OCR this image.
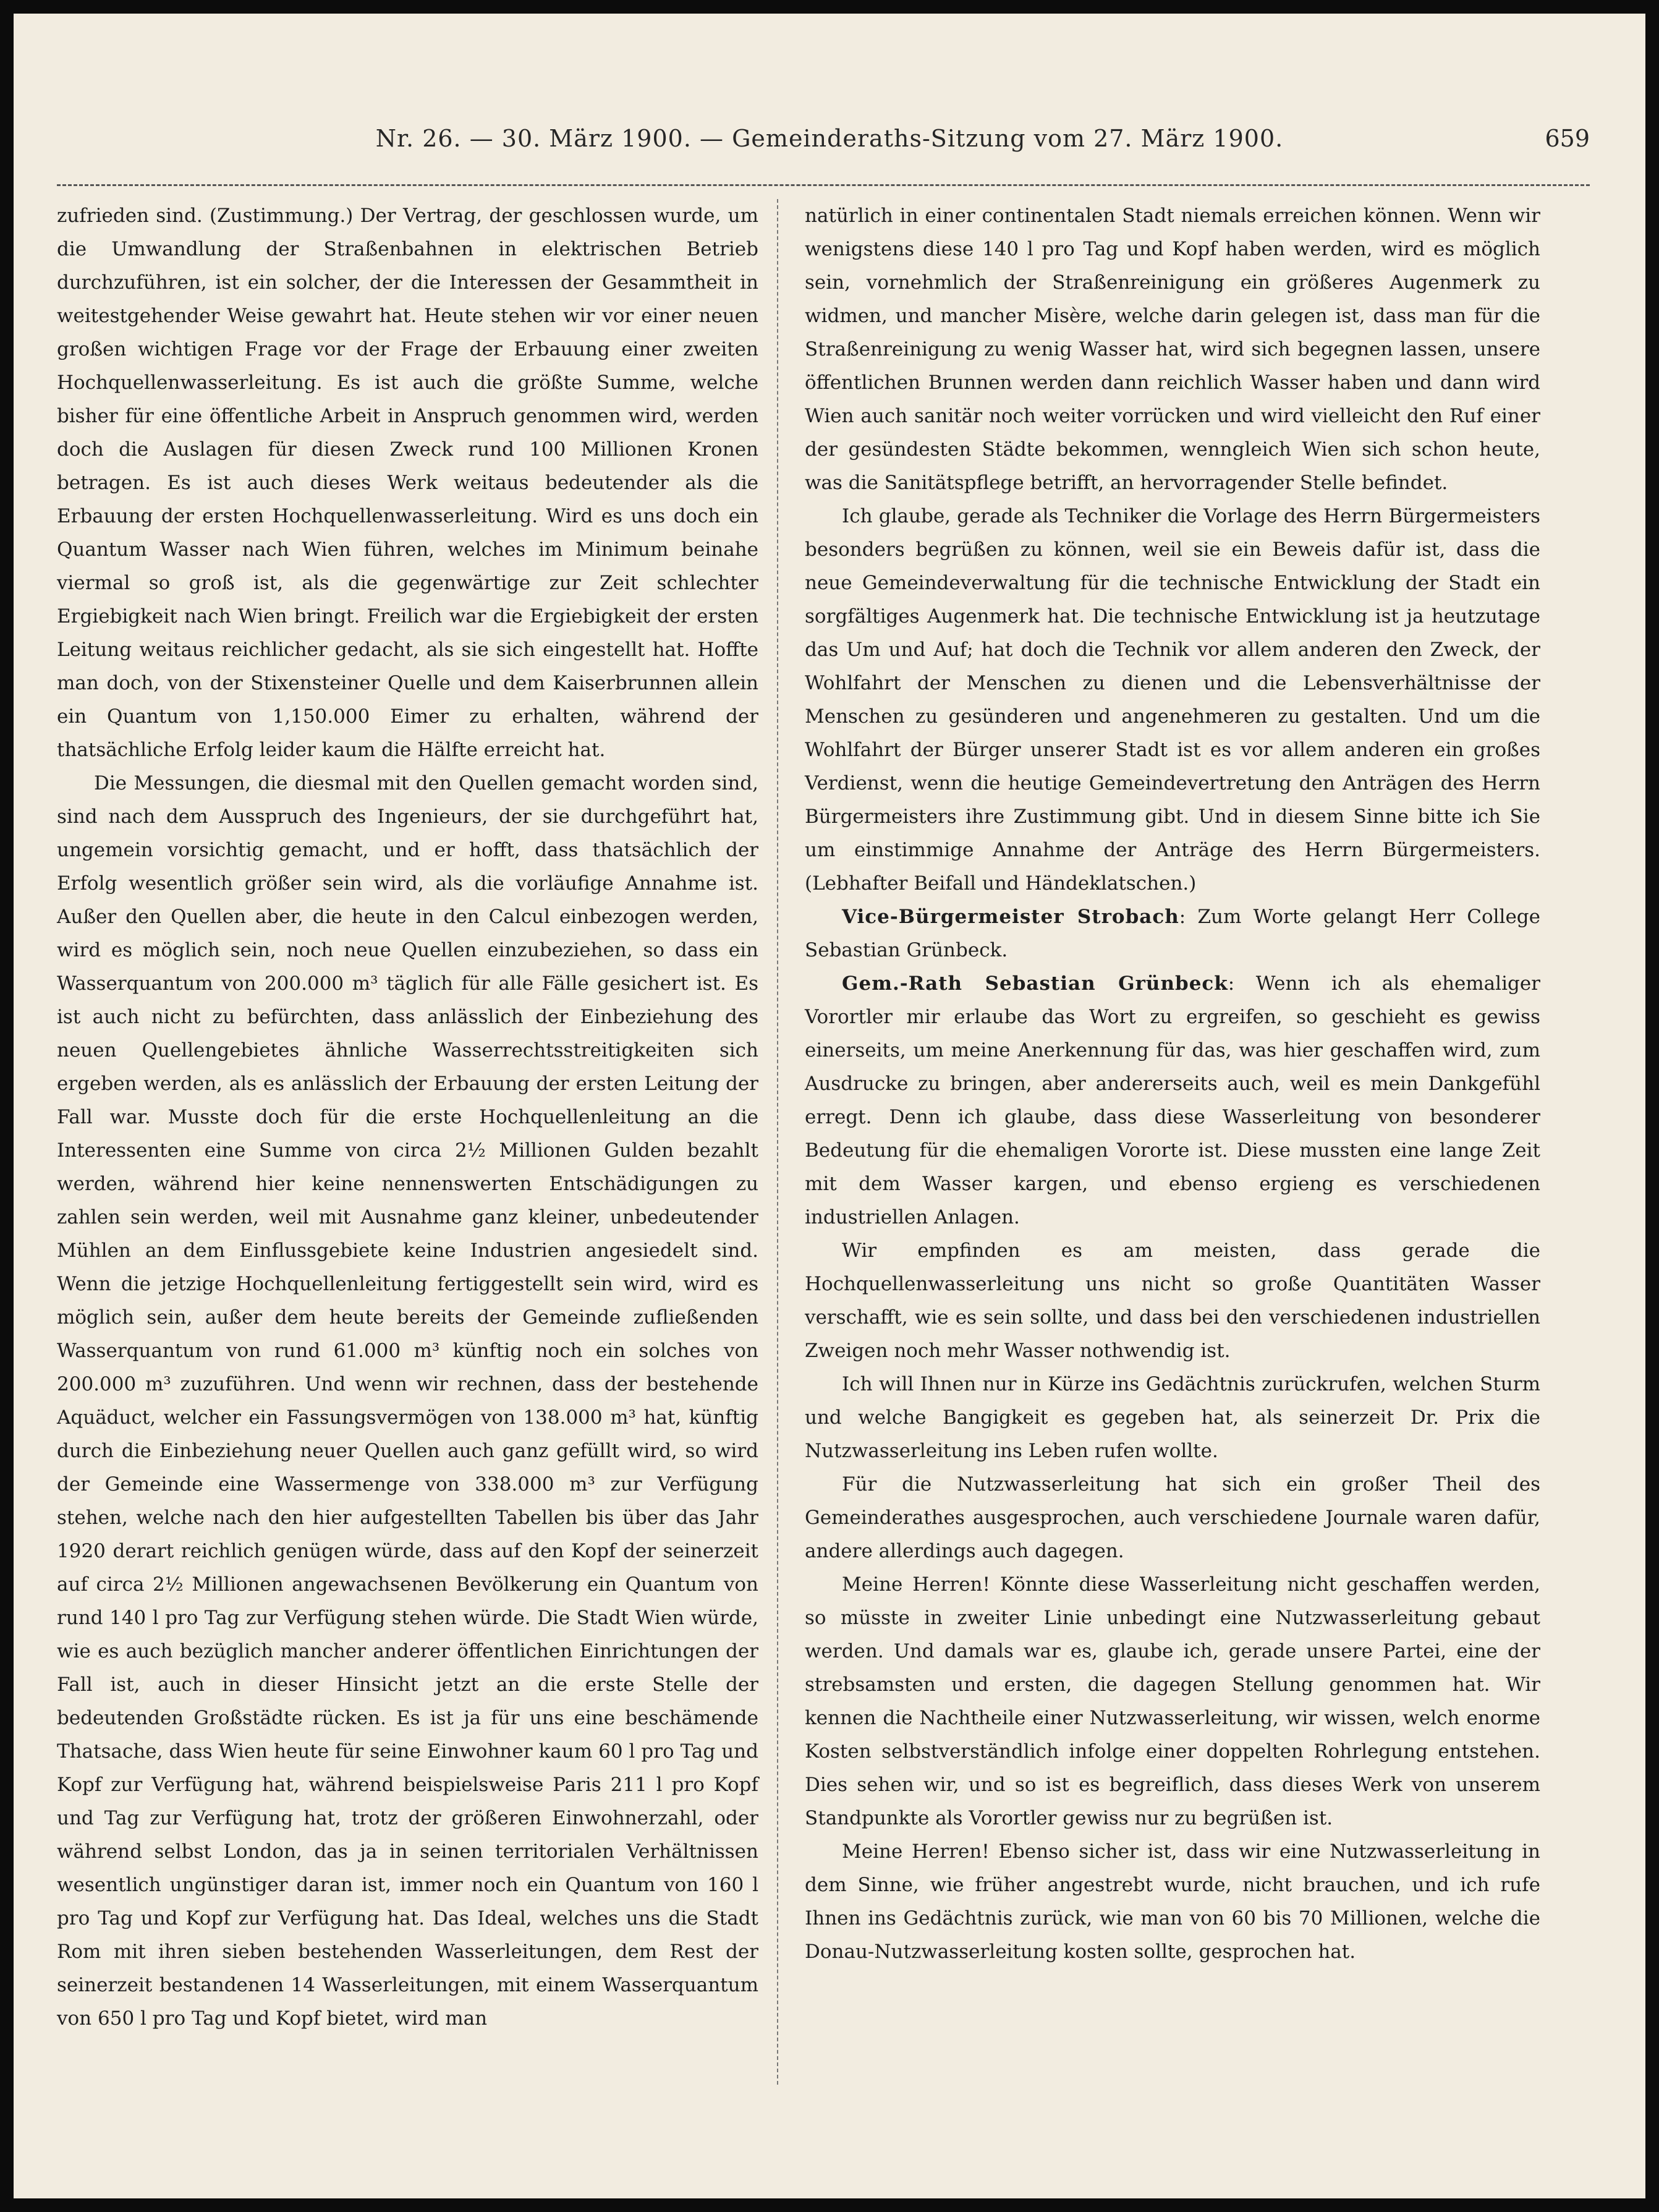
Nr. 26. — 30. März 1900. — Gemeinderaths-Sitzung vom 27. März 1900.	659

zufrieden sind. (Zustimmung.) Der Vertrag, der geschlossen wurde, um die Umwandlung der Straßenbahnen in elektrischen Betrieb durchzuführen, ist ein solcher, der die Interessen der Gesammtheit in weitestgehender Weise gewahrt hat. Heute stehen wir vor einer neuen großen wichtigen Frage vor der Frage der Erbauung einer zweiten Hochquellenwasserleitung. Es ist auch die größte Summe, welche bisher für eine öffentliche Arbeit in Anspruch genommen wird, werden doch die Auslagen für diesen Zweck rund 100 Millionen Kronen betragen. Es ist auch dieses Werk weitaus bedeutender als die Erbauung der ersten Hochquellenwasserleitung. Wird es uns doch ein Quantum Wasser nach Wien führen, welches im Minimum beinahe viermal so groß ist, als die gegenwärtige zur Zeit schlechter Ergiebigkeit nach Wien bringt. Freilich war die Ergiebigkeit der ersten Leitung weitaus reichlicher gedacht, als sie sich eingestellt hat. Hoffte man doch, von der Stixensteiner Quelle und dem Kaiserbrunnen allein ein Quantum von 1,150.000 Eimer zu erhalten, während der thatsächliche Erfolg leider kaum die Hälfte erreicht hat.

Die Messungen, die diesmal mit den Quellen gemacht worden sind, sind nach dem Ausspruch des Ingenieurs, der sie durchgeführt hat, ungemein vorsichtig gemacht, und er hofft, dass thatsächlich der Erfolg wesentlich größer sein wird, als die vorläufige Annahme ist. Außer den Quellen aber, die heute in den Calcul einbezogen werden, wird es möglich sein, noch neue Quellen einzubeziehen, so dass ein Wasserquantum von 200.000 m³ täglich für alle Fälle gesichert ist. Es ist auch nicht zu befürchten, dass anlässlich der Einbeziehung des neuen Quellengebietes ähnliche Wasserrechtsstreitigkeiten sich ergeben werden, als es anlässlich der Erbauung der ersten Leitung der Fall war. Musste doch für die erste Hochquellenleitung an die Interessenten eine Summe von circa 2½ Millionen Gulden bezahlt werden, während hier keine nennenswerten Entschädigungen zu zahlen sein werden, weil mit Ausnahme ganz kleiner, unbedeutender Mühlen an dem Einflussgebiete keine Industrien angesiedelt sind. Wenn die jetzige Hochquellenleitung fertiggestellt sein wird, wird es möglich sein, außer dem heute bereits der Gemeinde zufließenden Wasserquantum von rund 61.000 m³ künftig noch ein solches von 200.000 m³ zuzuführen. Und wenn wir rechnen, dass der bestehende Aquäduct, welcher ein Fassungsvermögen von 138.000 m³ hat, künftig durch die Einbeziehung neuer Quellen auch ganz gefüllt wird, so wird der Gemeinde eine Wassermenge von 338.000 m³ zur Verfügung stehen, welche nach den hier aufgestellten Tabellen bis über das Jahr 1920 derart reichlich genügen würde, dass auf den Kopf der seinerzeit auf circa 2½ Millionen angewachsenen Bevölkerung ein Quantum von rund 140 l pro Tag zur Verfügung stehen würde. Die Stadt Wien würde, wie es auch bezüglich mancher anderer öffentlichen Einrichtungen der Fall ist, auch in dieser Hinsicht jetzt an die erste Stelle der bedeutenden Großstädte rücken. Es ist ja für uns eine beschämende Thatsache, dass Wien heute für seine Einwohner kaum 60 l pro Tag und Kopf zur Verfügung hat, während beispielsweise Paris 211 l pro Kopf und Tag zur Verfügung hat, trotz der größeren Einwohnerzahl, oder während selbst London, das ja in seinen territorialen Verhältnissen wesentlich ungünstiger daran ist, immer noch ein Quantum von 160 l pro Tag und Kopf zur Verfügung hat. Das Ideal, welches uns die Stadt Rom mit ihren sieben bestehenden Wasserleitungen, dem Rest der seinerzeit bestandenen 14 Wasserleitungen, mit einem Wasserquantum von 650 l pro Tag und Kopf bietet, wird man

natürlich in einer continentalen Stadt niemals erreichen können. Wenn wir wenigstens diese 140 l pro Tag und Kopf haben werden, wird es möglich sein, vornehmlich der Straßenreinigung ein größeres Augenmerk zu widmen, und mancher Misère, welche darin gelegen ist, dass man für die Straßenreinigung zu wenig Wasser hat, wird sich begegnen lassen, unsere öffentlichen Brunnen werden dann reichlich Wasser haben und dann wird Wien auch sanitär noch weiter vorrücken und wird vielleicht den Ruf einer der gesündesten Städte bekommen, wenngleich Wien sich schon heute, was die Sanitätspflege betrifft, an hervorragender Stelle befindet.

Ich glaube, gerade als Techniker die Vorlage des Herrn Bürgermeisters besonders begrüßen zu können, weil sie ein Beweis dafür ist, dass die neue Gemeindeverwaltung für die technische Entwicklung der Stadt ein sorgfältiges Augenmerk hat. Die technische Entwicklung ist ja heutzutage das Um und Auf; hat doch die Technik vor allem anderen den Zweck, der Wohlfahrt der Menschen zu dienen und die Lebensverhältnisse der Menschen zu gesünderen und angenehmeren zu gestalten. Und um die Wohlfahrt der Bürger unserer Stadt ist es vor allem anderen ein großes Verdienst, wenn die heutige Gemeindevertretung den Anträgen des Herrn Bürgermeisters ihre Zustimmung gibt. Und in diesem Sinne bitte ich Sie um einstimmige Annahme der Anträge des Herrn Bürgermeisters. (Lebhafter Beifall und Händeklatschen.)

Vice-Bürgermeister Strobach: Zum Worte gelangt Herr College Sebastian Grünbeck.

Gem.-Rath Sebastian Grünbeck: Wenn ich als ehemaliger Vorortler mir erlaube das Wort zu ergreifen, so geschieht es gewiss einerseits, um meine Anerkennung für das, was hier geschaffen wird, zum Ausdrucke zu bringen, aber andererseits auch, weil es mein Dankgefühl erregt. Denn ich glaube, dass diese Wasserleitung von besonderer Bedeutung für die ehemaligen Vororte ist. Diese mussten eine lange Zeit mit dem Wasser kargen, und ebenso ergieng es verschiedenen industriellen Anlagen.

Wir empfinden es am meisten, dass gerade die Hochquellenwasserleitung uns nicht so große Quantitäten Wasser verschafft, wie es sein sollte, und dass bei den verschiedenen industriellen Zweigen noch mehr Wasser nothwendig ist.

Ich will Ihnen nur in Kürze ins Gedächtnis zurückrufen, welchen Sturm und welche Bangigkeit es gegeben hat, als seinerzeit Dr. Prix die Nutzwasserleitung ins Leben rufen wollte.

Für die Nutzwasserleitung hat sich ein großer Theil des Gemeinderathes ausgesprochen, auch verschiedene Journale waren dafür, andere allerdings auch dagegen.

Meine Herren! Könnte diese Wasserleitung nicht geschaffen werden, so müsste in zweiter Linie unbedingt eine Nutzwasserleitung gebaut werden. Und damals war es, glaube ich, gerade unsere Partei, eine der strebsamsten und ersten, die dagegen Stellung genommen hat. Wir kennen die Nachtheile einer Nutzwasserleitung, wir wissen, welch enorme Kosten selbstverständlich infolge einer doppelten Rohrlegung entstehen. Dies sehen wir, und so ist es begreiflich, dass dieses Werk von unserem Standpunkte als Vorortler gewiss nur zu begrüßen ist.

Meine Herren! Ebenso sicher ist, dass wir eine Nutzwasserleitung in dem Sinne, wie früher angestrebt wurde, nicht brauchen, und ich rufe Ihnen ins Gedächtnis zurück, wie man von 60 bis 70 Millionen, welche die Donau-Nutzwasserleitung kosten sollte, gesprochen hat.
